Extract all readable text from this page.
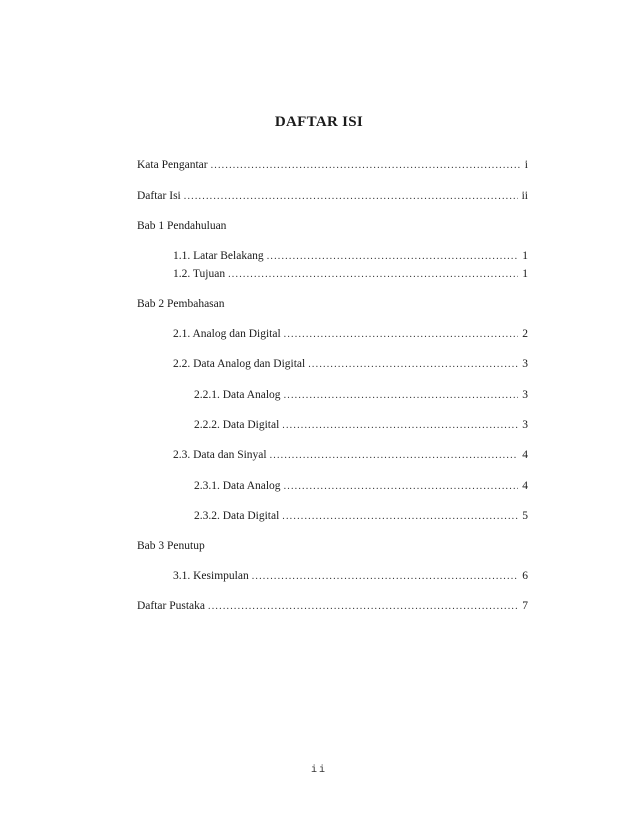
DAFTAR ISI
Kata Pengantar .....	i
Daftar Isi .....	ii
Bab 1 Pendahuluan
1.1. Latar Belakang .....	1
1.2. Tujuan .....	1
Bab 2 Pembahasan
2.1. Analog dan Digital .....	2
2.2. Data Analog dan Digital .....	3
2.2.1. Data Analog .....	3
2.2.2. Data Digital .....	3
2.3. Data dan Sinyal .....	4
2.3.1. Data Analog .....	4
2.3.2. Data Digital .....	5
Bab 3 Penutup
3.1. Kesimpulan .....	6
Daftar Pustaka .....	7
ii
